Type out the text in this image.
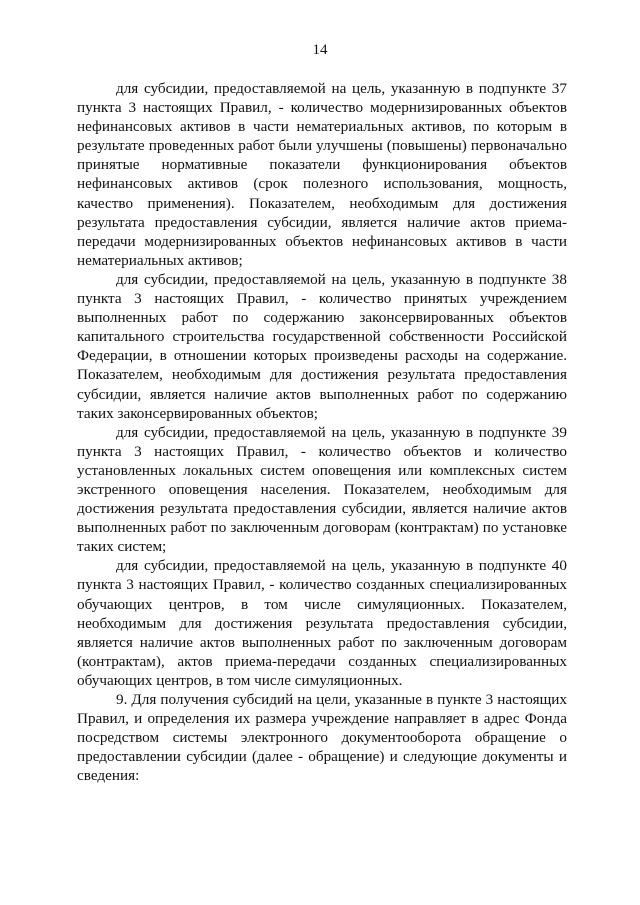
14

для субсидии, предоставляемой на цель, указанную в подпункте 37 пункта 3 настоящих Правил, - количество модернизированных объектов нефинансовых активов в части нематериальных активов, по которым в результате проведенных работ были улучшены (повышены) первоначально принятые нормативные показатели функционирования объектов нефинансовых активов (срок полезного использования, мощность, качество применения). Показателем, необходимым для достижения результата предоставления субсидии, является наличие актов приема-передачи модернизированных объектов нефинансовых активов в части нематериальных активов;

для субсидии, предоставляемой на цель, указанную в подпункте 38 пункта 3 настоящих Правил, - количество принятых учреждением выполненных работ по содержанию законсервированных объектов капитального строительства государственной собственности Российской Федерации, в отношении которых произведены расходы на содержание. Показателем, необходимым для достижения результата предоставления субсидии, является наличие актов выполненных работ по содержанию таких законсервированных объектов;

для субсидии, предоставляемой на цель, указанную в подпункте 39 пункта 3 настоящих Правил, - количество объектов и количество установленных локальных систем оповещения или комплексных систем экстренного оповещения населения. Показателем, необходимым для достижения результата предоставления субсидии, является наличие актов выполненных работ по заключенным договорам (контрактам) по установке таких систем;

для субсидии, предоставляемой на цель, указанную в подпункте 40 пункта 3 настоящих Правил, - количество созданных специализированных обучающих центров, в том числе симуляционных. Показателем, необходимым для достижения результата предоставления субсидии, является наличие актов выполненных работ по заключенным договорам (контрактам), актов приема-передачи созданных специализированных обучающих центров, в том числе симуляционных.

9. Для получения субсидий на цели, указанные в пункте 3 настоящих Правил, и определения их размера учреждение направляет в адрес Фонда посредством системы электронного документооборота обращение о предоставлении субсидии (далее - обращение) и следующие документы и сведения:
